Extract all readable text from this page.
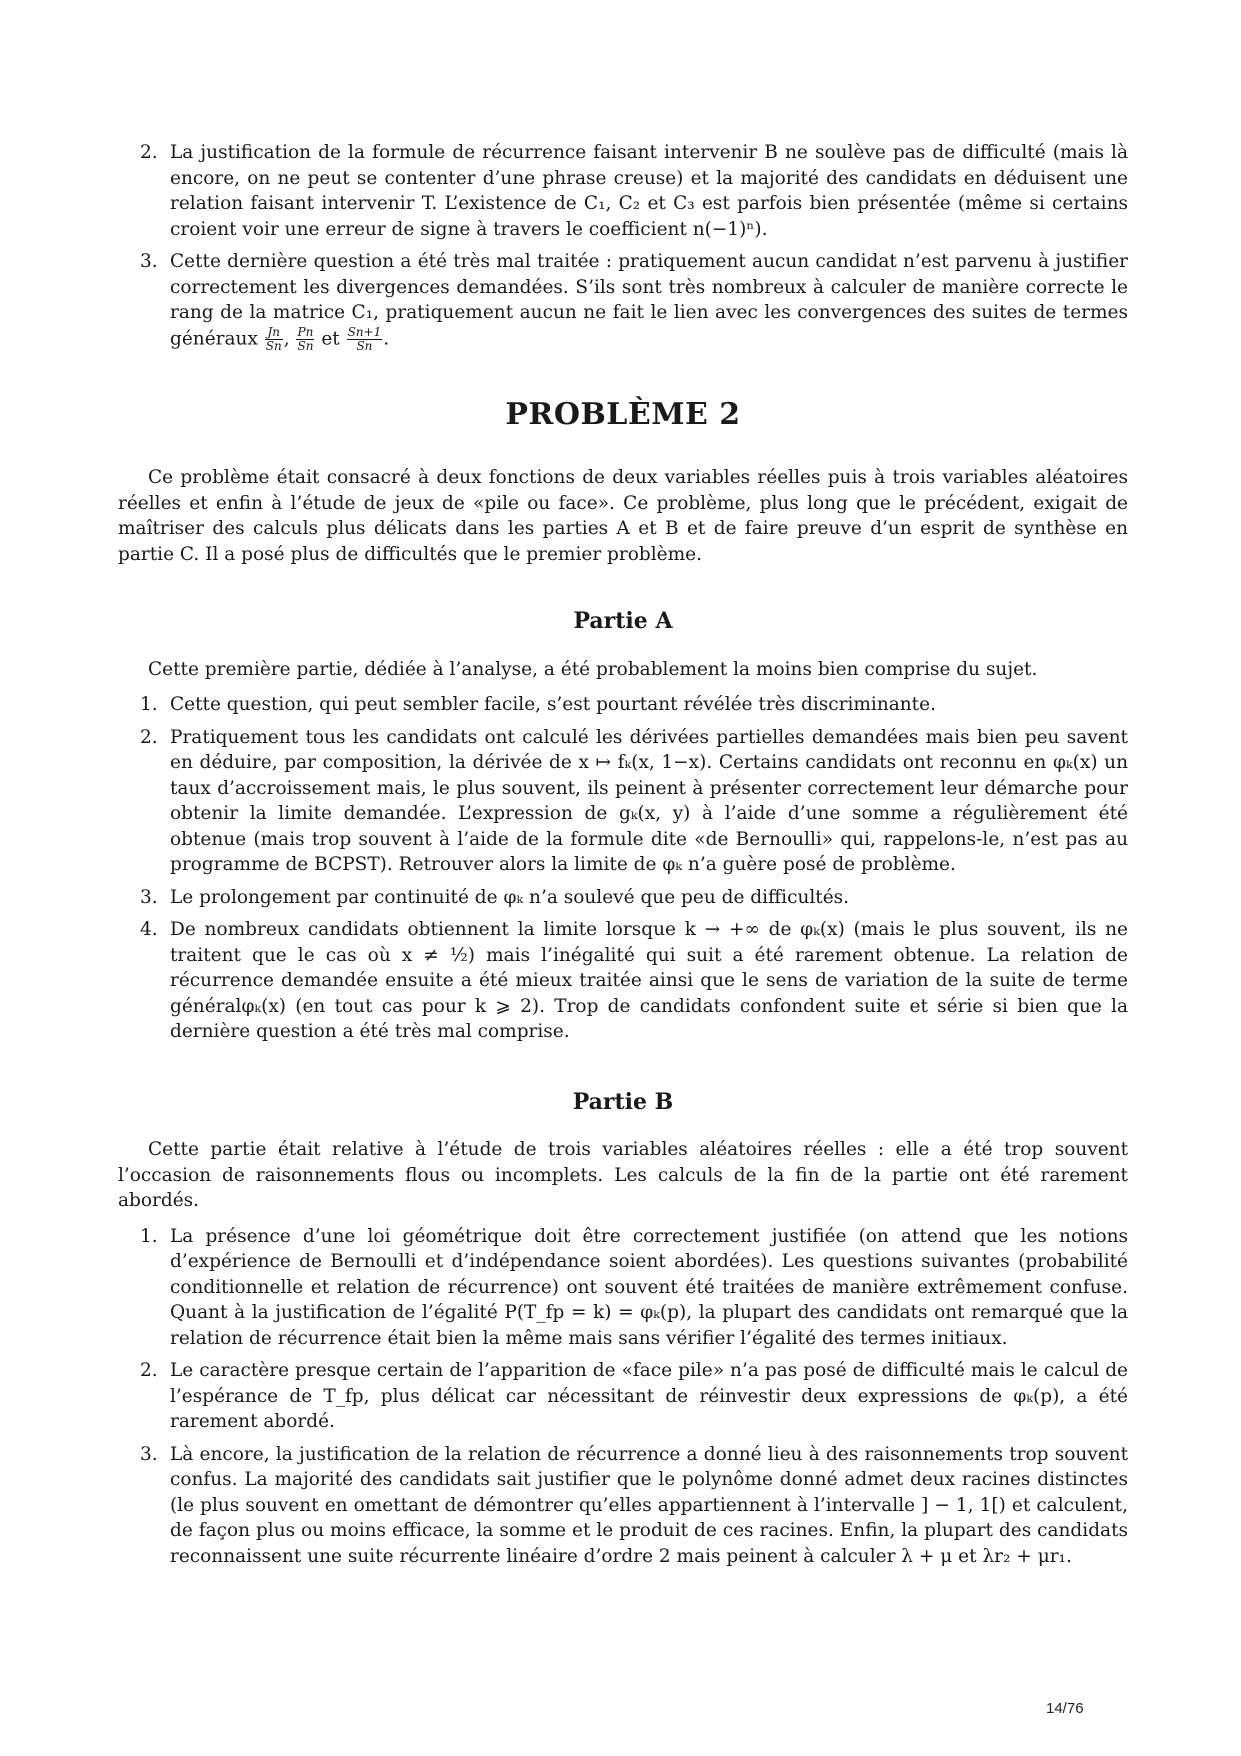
2. La justification de la formule de récurrence faisant intervenir B ne soulève pas de difficulté (mais là encore, on ne peut se contenter d’une phrase creuse) et la majorité des candidats en déduisent une relation faisant intervenir T. L’existence de C₁, C₂ et C₃ est parfois bien présentée (même si certains croient voir une erreur de signe à travers le coefficient n(−1)ⁿ).
3. Cette dernière question a été très mal traitée : pratiquement aucun candidat n’est parvenu à justifier correctement les divergences demandées. S’ils sont très nombreux à calculer de manière correcte le rang de la matrice C₁, pratiquement aucun ne fait le lien avec les convergences des suites de termes généraux $\frac{Jn}{Sn}$ , $\frac{Pn}{Sn}$ et $\frac{Sn+1}{Sn}$ .
PROBLÈME 2

Ce problème était consacré à deux fonctions de deux variables réelles puis à trois variables aléatoires réelles et enfin à l’étude de jeux de «pile ou face». Ce problème, plus long que le précédent, exigait de maîtriser des calculs plus délicats dans les parties A et B et de faire preuve d’un esprit de synthèse en partie C. Il a posé plus de difficultés que le premier problème.

Partie A

Cette première partie, dédiée à l’analyse, a été probablement la moins bien comprise du sujet.

1. Cette question, qui peut sembler facile, s’est pourtant révélée très discriminante.
2. Pratiquement tous les candidats ont calculé les dérivées partielles demandées mais bien peu savent en déduire, par composition, la dérivée de x ↦ fₖ(x, 1−x). Certains candidats ont reconnu en φₖ(x) un taux d’accroissement mais, le plus souvent, ils peinent à présenter correctement leur démarche pour obtenir la limite demandée. L’expression de gₖ(x, y) à l’aide d’une somme a régulièrement été obtenue (mais trop souvent à l’aide de la formule dite «de Bernoulli» qui, rappelons-le, n’est pas au programme de BCPST). Retrouver alors la limite de φₖ n’a guère posé de problème.
3. Le prolongement par continuité de φₖ n’a soulevé que peu de difficultés.
4. De nombreux candidats obtiennent la limite lorsque k → +∞ de φₖ(x) (mais le plus souvent, ils ne traitent que le cas où x ≠ ½) mais l’inégalité qui suit a été rarement obtenue. La relation de récurrence demandée ensuite a été mieux traitée ainsi que le sens de variation de la suite de terme généralφₖ(x) (en tout cas pour k ⩾ 2). Trop de candidats confondent suite et série si bien que la dernière question a été très mal comprise.
Partie B

Cette partie était relative à l’étude de trois variables aléatoires réelles : elle a été trop souvent l’occasion de raisonnements flous ou incomplets. Les calculs de la fin de la partie ont été rarement abordés.

1. La présence d’une loi géométrique doit être correctement justifiée (on attend que les notions d’expérience de Bernoulli et d’indépendance soient abordées). Les questions suivantes (probabilité conditionnelle et relation de récurrence) ont souvent été traitées de manière extrêmement confuse. Quant à la justification de l’égalité P(T_fp = k) = φₖ(p), la plupart des candidats ont remarqué que la relation de récurrence était bien la même mais sans vérifier l’égalité des termes initiaux.
2. Le caractère presque certain de l’apparition de «face pile» n’a pas posé de difficulté mais le calcul de l’espérance de T_fp, plus délicat car nécessitant de réinvestir deux expressions de φₖ(p), a été rarement abordé.
3. Là encore, la justification de la relation de récurrence a donné lieu à des raisonnements trop souvent confus. La majorité des candidats sait justifier que le polynôme donné admet deux racines distinctes (le plus souvent en omettant de démontrer qu’elles appartiennent à l’intervalle ] − 1, 1[) et calculent, de façon plus ou moins efficace, la somme et le produit de ces racines. Enfin, la plupart des candidats reconnaissent une suite récurrente linéaire d’ordre 2 mais peinent à calculer λ + μ et λr₂ + μr₁.
14/76
